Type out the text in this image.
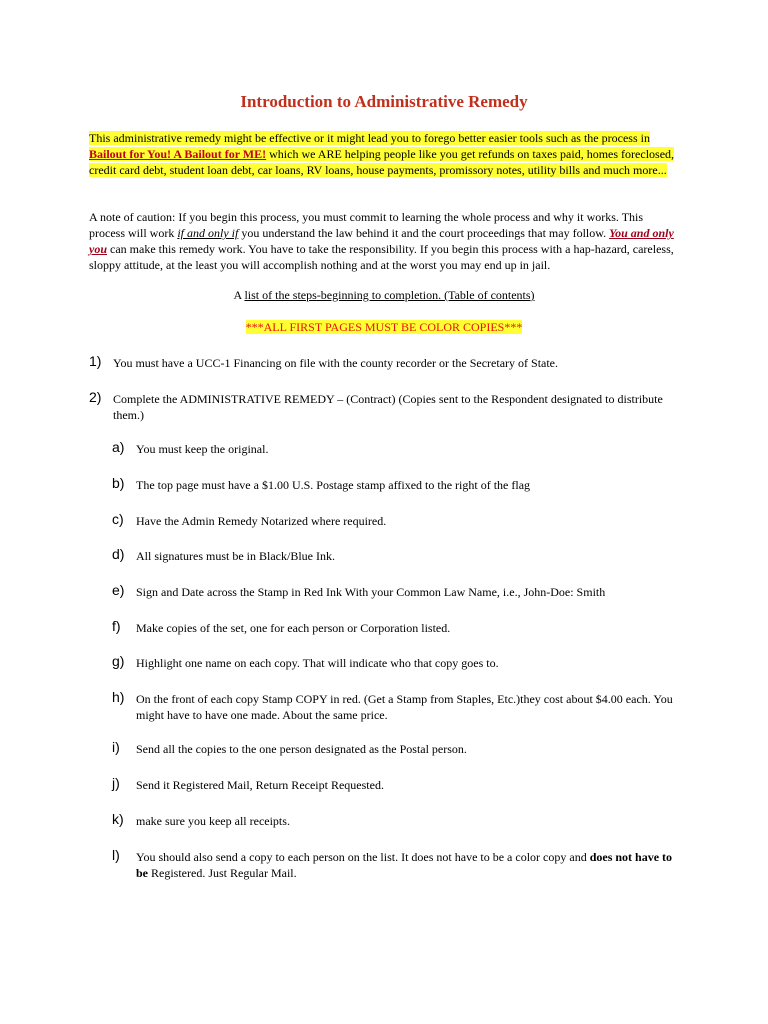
Introduction to Administrative Remedy

This administrative remedy might be effective or it might lead you to forego better easier tools such as the process in Bailout for You! A Bailout for ME! which we ARE helping people like you get refunds on taxes paid, homes foreclosed, credit card debt, student loan debt, car loans, RV loans, house payments, promissory notes, utility bills and much more...

A note of caution: If you begin this process, you must commit to learning the whole process and why it works. This process will work if and only if you understand the law behind it and the court proceedings that may follow. You and only you can make this remedy work. You have to take the responsibility. If you begin this process with a hap-hazard, careless, sloppy attitude, at the least you will accomplish nothing and at the worst you may end up in jail.

A list of the steps-beginning to completion. (Table of contents)

***ALL FIRST PAGES MUST BE COLOR COPIES***

1) You must have a UCC-1 Financing on file with the county recorder or the Secretary of State.
2) Complete the ADMINISTRATIVE REMEDY – (Contract) (Copies sent to the Respondent designated to distribute them.)
a) You must keep the original.
b) The top page must have a $1.00 U.S. Postage stamp affixed to the right of the flag
c) Have the Admin Remedy Notarized where required.
d) All signatures must be in Black/Blue Ink.
e) Sign and Date across the Stamp in Red Ink With your Common Law Name, i.e., John-Doe: Smith
f) Make copies of the set, one for each person or Corporation listed.
g) Highlight one name on each copy. That will indicate who that copy goes to.
h) On the front of each copy Stamp COPY in red. (Get a Stamp from Staples, Etc.)they cost about $4.00 each. You might have to have one made. About the same price.
i) Send all the copies to the one person designated as the Postal person.
j) Send it Registered Mail, Return Receipt Requested.
k) make sure you keep all receipts.
l) You should also send a copy to each person on the list. It does not have to be a color copy and does not have to be Registered. Just Regular Mail.
